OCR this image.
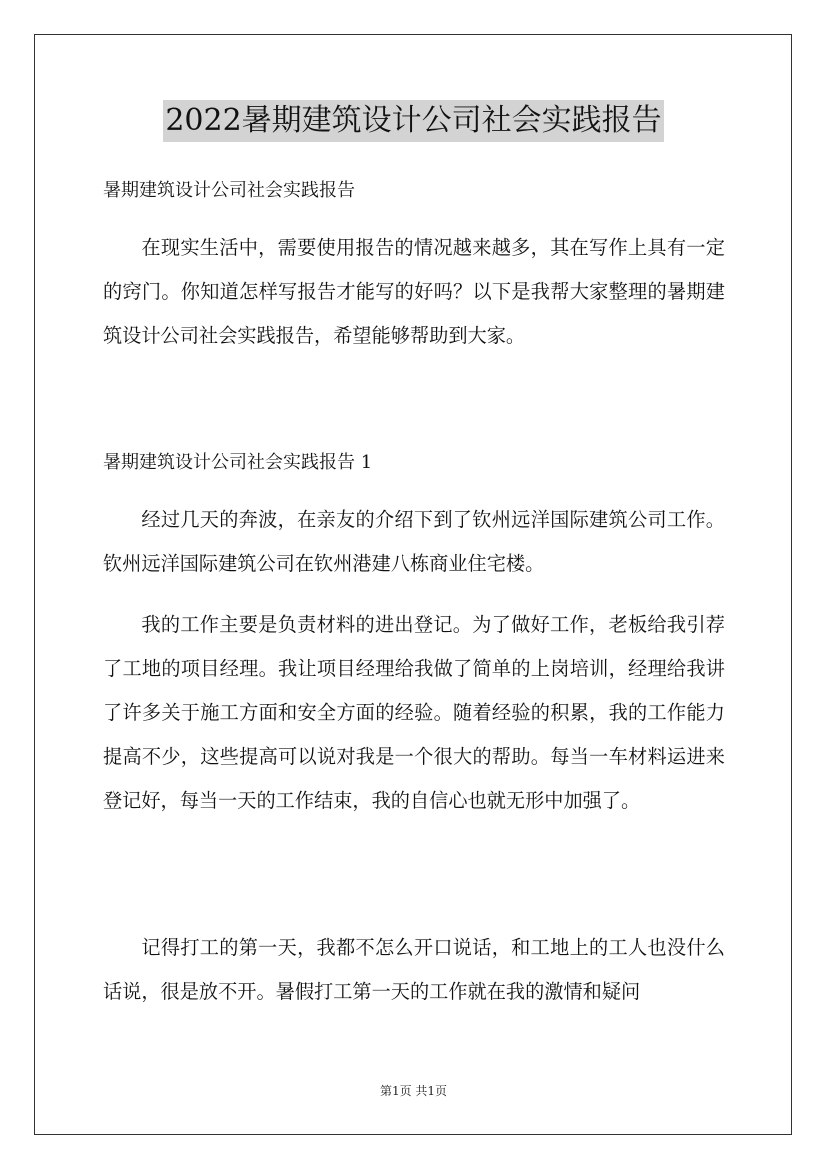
2022暑期建筑设计公司社会实践报告

暑期建筑设计公司社会实践报告

在现实生活中，需要使用报告的情况越来越多，其在写作上具有一定的窍门。你知道怎样写报告才能写的好吗？以下是我帮大家整理的暑期建筑设计公司社会实践报告，希望能够帮助到大家。

暑期建筑设计公司社会实践报告 1

经过几天的奔波，在亲友的介绍下到了钦州远洋国际建筑公司工作。钦州远洋国际建筑公司在钦州港建八栋商业住宅楼。

我的工作主要是负责材料的进出登记。为了做好工作，老板给我引荐了工地的项目经理。我让项目经理给我做了简单的上岗培训，经理给我讲了许多关于施工方面和安全方面的经验。随着经验的积累，我的工作能力提高不少，这些提高可以说对我是一个很大的帮助。每当一车材料运进来登记好，每当一天的工作结束，我的自信心也就无形中加强了。

记得打工的第一天，我都不怎么开口说话，和工地上的工人也没什么话说，很是放不开。暑假打工第一天的工作就在我的激情和疑问

第1页 共1页
